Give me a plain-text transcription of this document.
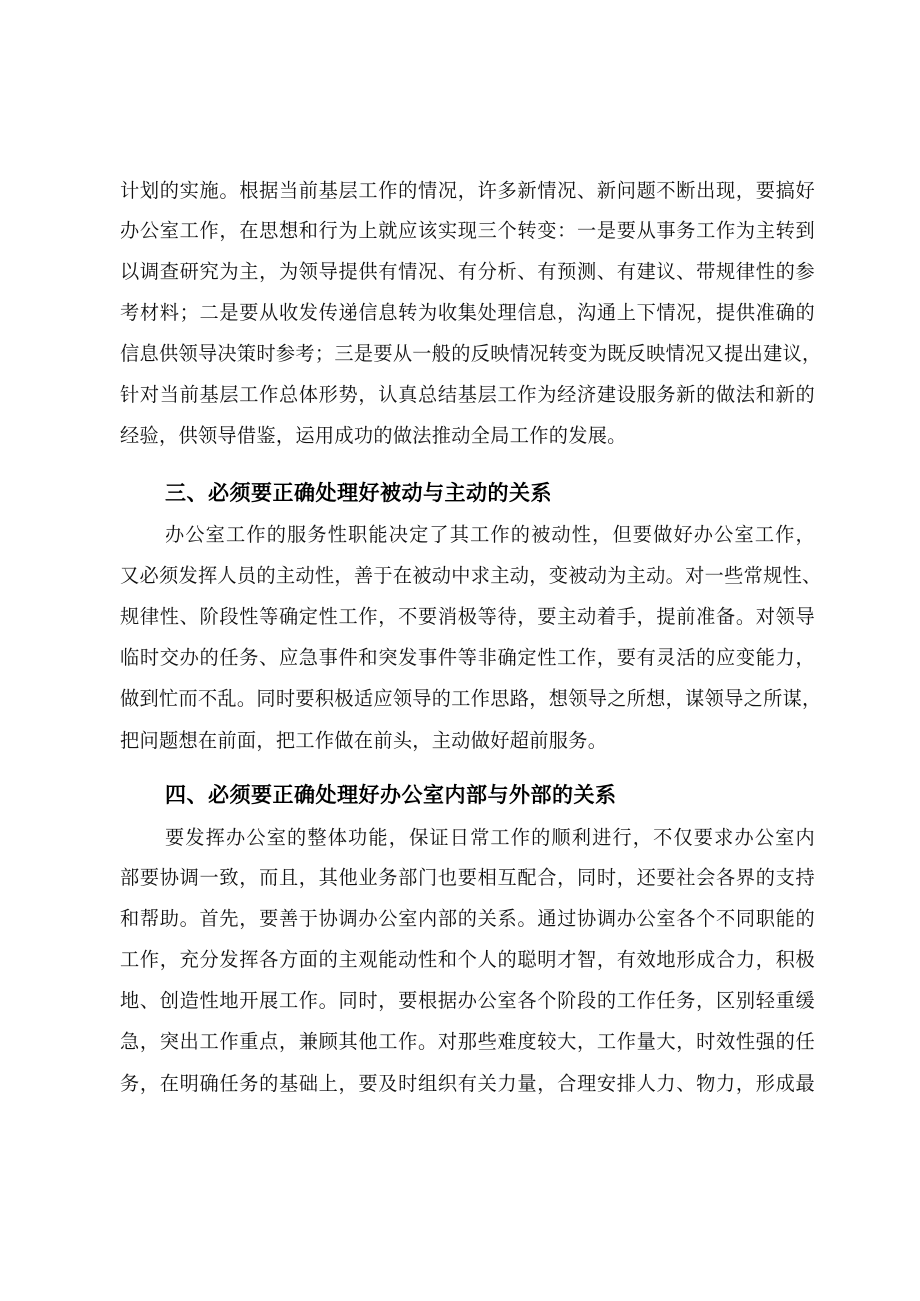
计划的实施。根据当前基层工作的情况，许多新情况、新问题不断出现，要搞好
办公室工作，在思想和行为上就应该实现三个转变：一是要从事务工作为主转到
以调查研究为主，为领导提供有情况、有分析、有预测、有建议、带规律性的参
考材料；二是要从收发传递信息转为收集处理信息，沟通上下情况，提供准确的
信息供领导决策时参考；三是要从一般的反映情况转变为既反映情况又提出建议，
针对当前基层工作总体形势，认真总结基层工作为经济建设服务新的做法和新的
经验，供领导借鉴，运用成功的做法推动全局工作的发展。
三、必须要正确处理好被动与主动的关系
办公室工作的服务性职能决定了其工作的被动性，但要做好办公室工作，
又必须发挥人员的主动性，善于在被动中求主动，变被动为主动。对一些常规性、
规律性、阶段性等确定性工作，不要消极等待，要主动着手，提前准备。对领导
临时交办的任务、应急事件和突发事件等非确定性工作，要有灵活的应变能力，
做到忙而不乱。同时要积极适应领导的工作思路，想领导之所想，谋领导之所谋，
把问题想在前面，把工作做在前头，主动做好超前服务。
四、必须要正确处理好办公室内部与外部的关系
要发挥办公室的整体功能，保证日常工作的顺利进行，不仅要求办公室内
部要协调一致，而且，其他业务部门也要相互配合，同时，还要社会各界的支持
和帮助。首先，要善于协调办公室内部的关系。通过协调办公室各个不同职能的
工作，充分发挥各方面的主观能动性和个人的聪明才智，有效地形成合力，积极
地、创造性地开展工作。同时，要根据办公室各个阶段的工作任务，区别轻重缓
急，突出工作重点，兼顾其他工作。对那些难度较大，工作量大，时效性强的任
务，在明确任务的基础上，要及时组织有关力量，合理安排人力、物力，形成最
